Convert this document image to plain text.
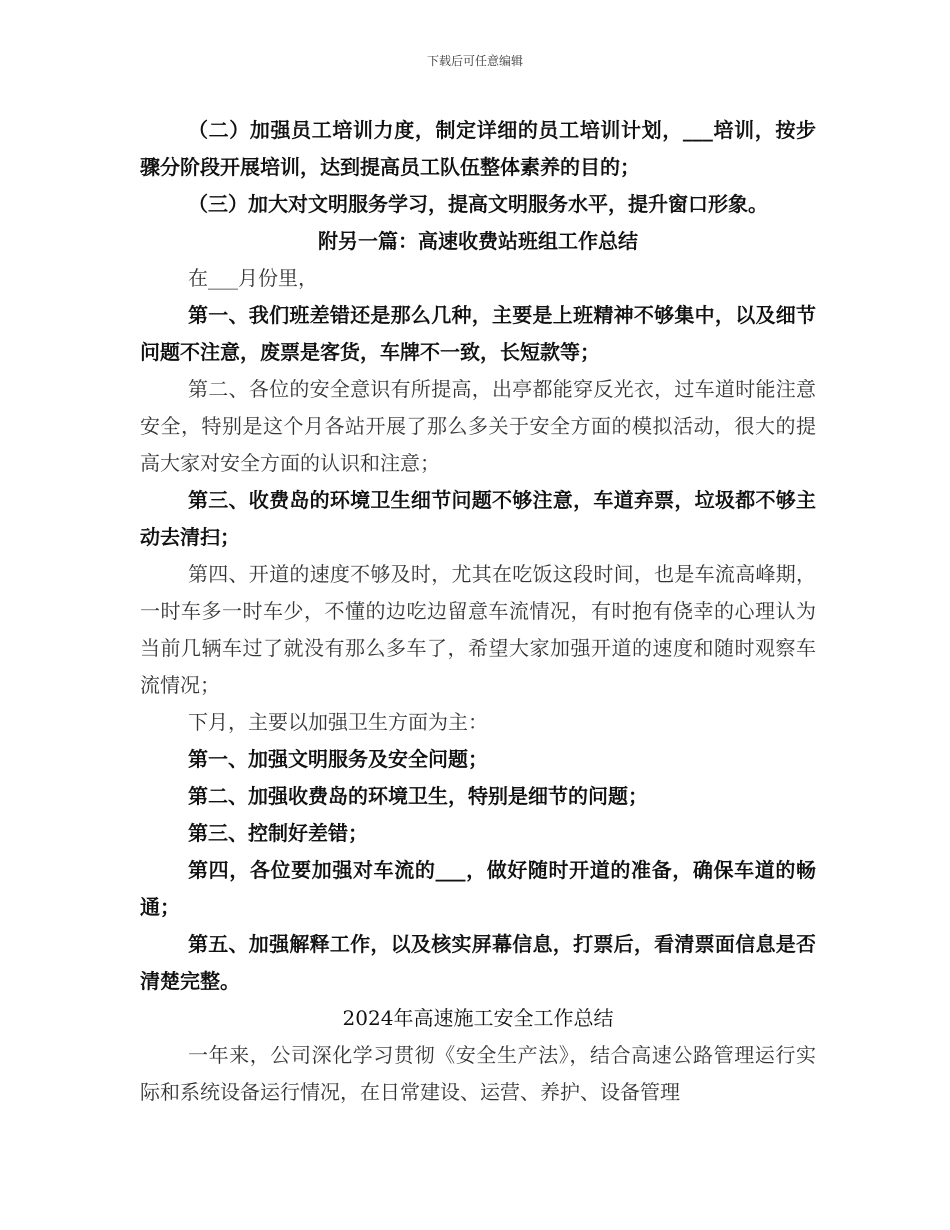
下载后可任意编辑

（二）加强员工培训力度，制定详细的员工培训计划，___培训，按步骤分阶段开展培训，达到提高员工队伍整体素养的目的；

（三）加大对文明服务学习，提高文明服务水平，提升窗口形象。

附另一篇：高速收费站班组工作总结

在___月份里，

第一、我们班差错还是那么几种，主要是上班精神不够集中，以及细节问题不注意，废票是客货，车牌不一致，长短款等；

第二、各位的安全意识有所提高，出亭都能穿反光衣，过车道时能注意安全，特别是这个月各站开展了那么多关于安全方面的模拟活动，很大的提高大家对安全方面的认识和注意；

第三、收费岛的环境卫生细节问题不够注意，车道弃票，垃圾都不够主动去清扫；

第四、开道的速度不够及时，尤其在吃饭这段时间，也是车流高峰期，一时车多一时车少，不懂的边吃边留意车流情况，有时抱有侥幸的心理认为当前几辆车过了就没有那么多车了，希望大家加强开道的速度和随时观察车流情况；

下月，主要以加强卫生方面为主：

第一、加强文明服务及安全问题；

第二、加强收费岛的环境卫生，特别是细节的问题；

第三、控制好差错；

第四，各位要加强对车流的___，做好随时开道的准备，确保车道的畅通；

第五、加强解释工作，以及核实屏幕信息，打票后，看清票面信息是否清楚完整。

2024年高速施工安全工作总结

一年来，公司深化学习贯彻《安全生产法》，结合高速公路管理运行实际和系统设备运行情况，在日常建设、运营、养护、设备管理
